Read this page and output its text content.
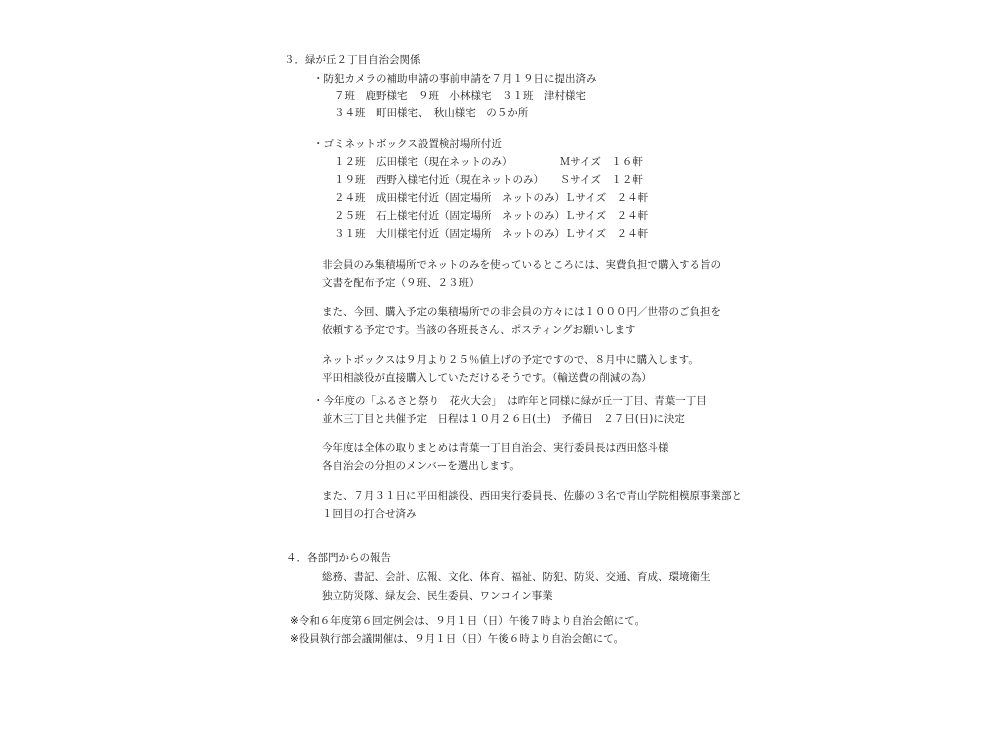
３．緑が丘２丁目自治会関係
・防犯カメラの補助申請の事前申請を７月１９日に提出済み
７班　鹿野様宅　９班　小林様宅　３１班　津村様宅
３４班　町田様宅、　秋山様宅　の５か所
・ゴミネットボックス設置検討場所付近
１２班　広田様宅（現在ネットのみ）　　　　　Ｍサイズ　１６軒
１９班　西野入様宅付近（現在ネットのみ）　　Ｓサイズ　１２軒
２４班　成田様宅付近（固定場所　ネットのみ）Ｌサイズ　２４軒
２５班　石上様宅付近（固定場所　ネットのみ）Ｌサイズ　２４軒
３１班　大川様宅付近（固定場所　ネットのみ）Ｌサイズ　２４軒
非会員のみ集積場所でネットのみを使っているところには、実費負担で購入する旨の
文書を配布予定（９班、２３班）
また、今回、購入予定の集積場所での非会員の方々には１０００円／世帯のご負担を
依頼する予定です。当該の各班長さん、ポスティングお願いします
ネットボックスは９月より２５％値上げの予定ですので、８月中に購入します。
平田相談役が直接購入していただけるそうです。（輸送費の削減の為）
・今年度の「ふるさと祭り　花火大会」　は昨年と同様に緑が丘一丁目、青葉一丁目
並木三丁目と共催予定　日程は１０月２６日(土)　予備日　２７日(日)に決定
今年度は全体の取りまとめは青葉一丁目自治会、実行委員長は西田悠斗様
各自治会の分担のメンバーを選出します。
また、７月３１日に平田相談役、西田実行委員長、佐藤の３名で青山学院相模原事業部と
１回目の打合せ済み
４．各部門からの報告
総務、書記、会計、広報、文化、体育、福祉、防犯、防災、交通、育成、環境衛生
独立防災隊、緑友会、民生委員、ワンコイン事業
※令和６年度第６回定例会は、９月１日（日）午後７時より自治会館にて。
※役員執行部会議開催は、９月１日（日）午後６時より自治会館にて。
